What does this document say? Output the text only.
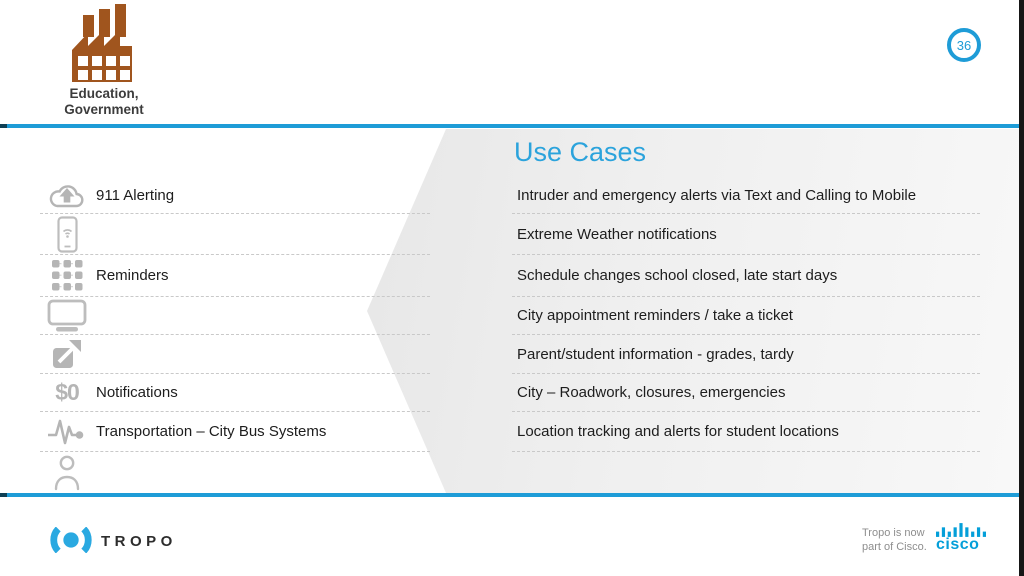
Education,
Government
36
Use Cases
911 Alerting
Reminders
$0 Notifications
Transportation – City Bus Systems
Intruder and emergency alerts via Text and Calling to Mobile
Extreme Weather notifications
Schedule changes school closed, late start days
City appointment reminders / take a ticket
Parent/student information - grades, tardy
City – Roadwork, closures, emergencies
Location tracking and alerts for student locations
TROPO	Tropo is now
part of Cisco. cisco
